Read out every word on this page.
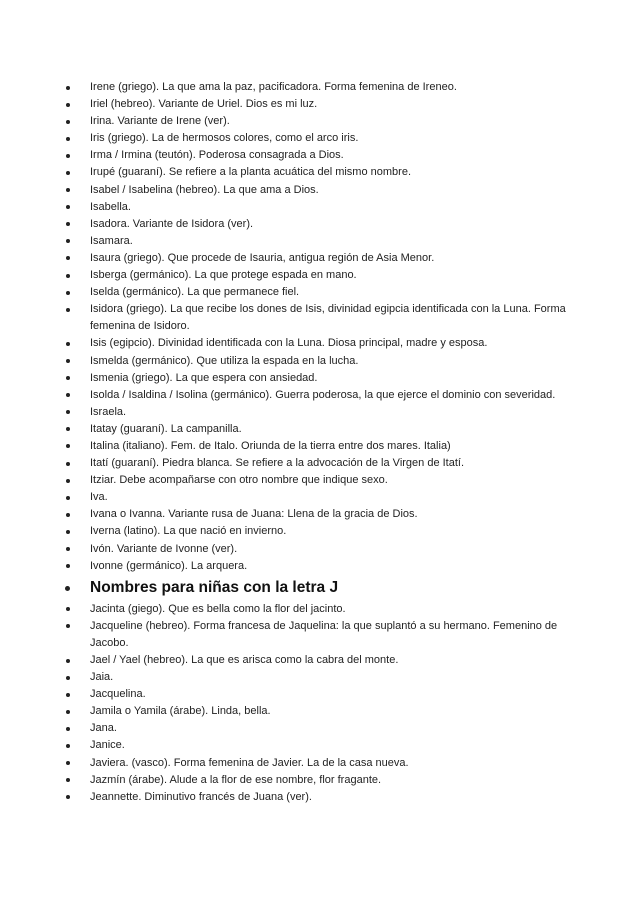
Irene (griego). La que ama la paz, pacificadora. Forma femenina de Ireneo.
Iriel (hebreo). Variante de Uriel. Dios es mi luz.
Irina. Variante de Irene (ver).
Iris (griego). La de hermosos colores, como el arco iris.
Irma / Irmina (teutón). Poderosa consagrada a Dios.
Irupé (guaraní). Se refiere a la planta acuática del mismo nombre.
Isabel / Isabelina (hebreo). La que ama a Dios.
Isabella.
Isadora. Variante de Isidora (ver).
Isamara.
Isaura (griego). Que procede de Isauria, antigua región de Asia Menor.
Isberga (germánico). La que protege espada en mano.
Iselda (germánico). La que permanece fiel.
Isidora (griego). La que recibe los dones de Isis, divinidad egipcia identificada con la Luna. Forma femenina de Isidoro.
Isis (egipcio). Divinidad identificada con la Luna. Diosa principal, madre y esposa.
Ismelda (germánico). Que utiliza la espada en la lucha.
Ismenia (griego). La que espera con ansiedad.
Isolda / Isaldina / Isolina (germánico). Guerra poderosa, la que ejerce el dominio con severidad.
Israela.
Itatay (guaraní). La campanilla.
Italina (italiano). Fem. de Italo. Oriunda de la tierra entre dos mares. Italia)
Itatí (guaraní). Piedra blanca. Se refiere a la advocación de la Virgen de Itatí.
Itziar. Debe acompañarse con otro nombre que indique sexo.
Iva.
Ivana o Ivanna. Variante rusa de Juana: Llena de la gracia de Dios.
Iverna (latino). La que nació en invierno.
Ivón. Variante de Ivonne (ver).
Ivonne (germánico). La arquera.
Nombres para niñas con la letra J
Jacinta (giego). Que es bella como la flor del jacinto.
Jacqueline (hebreo). Forma francesa de Jaquelina: la que suplantó a su hermano. Femenino de Jacobo.
Jael / Yael (hebreo). La que es arisca como la cabra del monte.
Jaia.
Jacquelina.
Jamila o Yamila (árabe). Linda, bella.
Jana.
Janice.
Javiera. (vasco). Forma femenina de Javier. La de la casa nueva.
Jazmín (árabe). Alude a la flor de ese nombre, flor fragante.
Jeannette. Diminutivo francés de Juana (ver).
